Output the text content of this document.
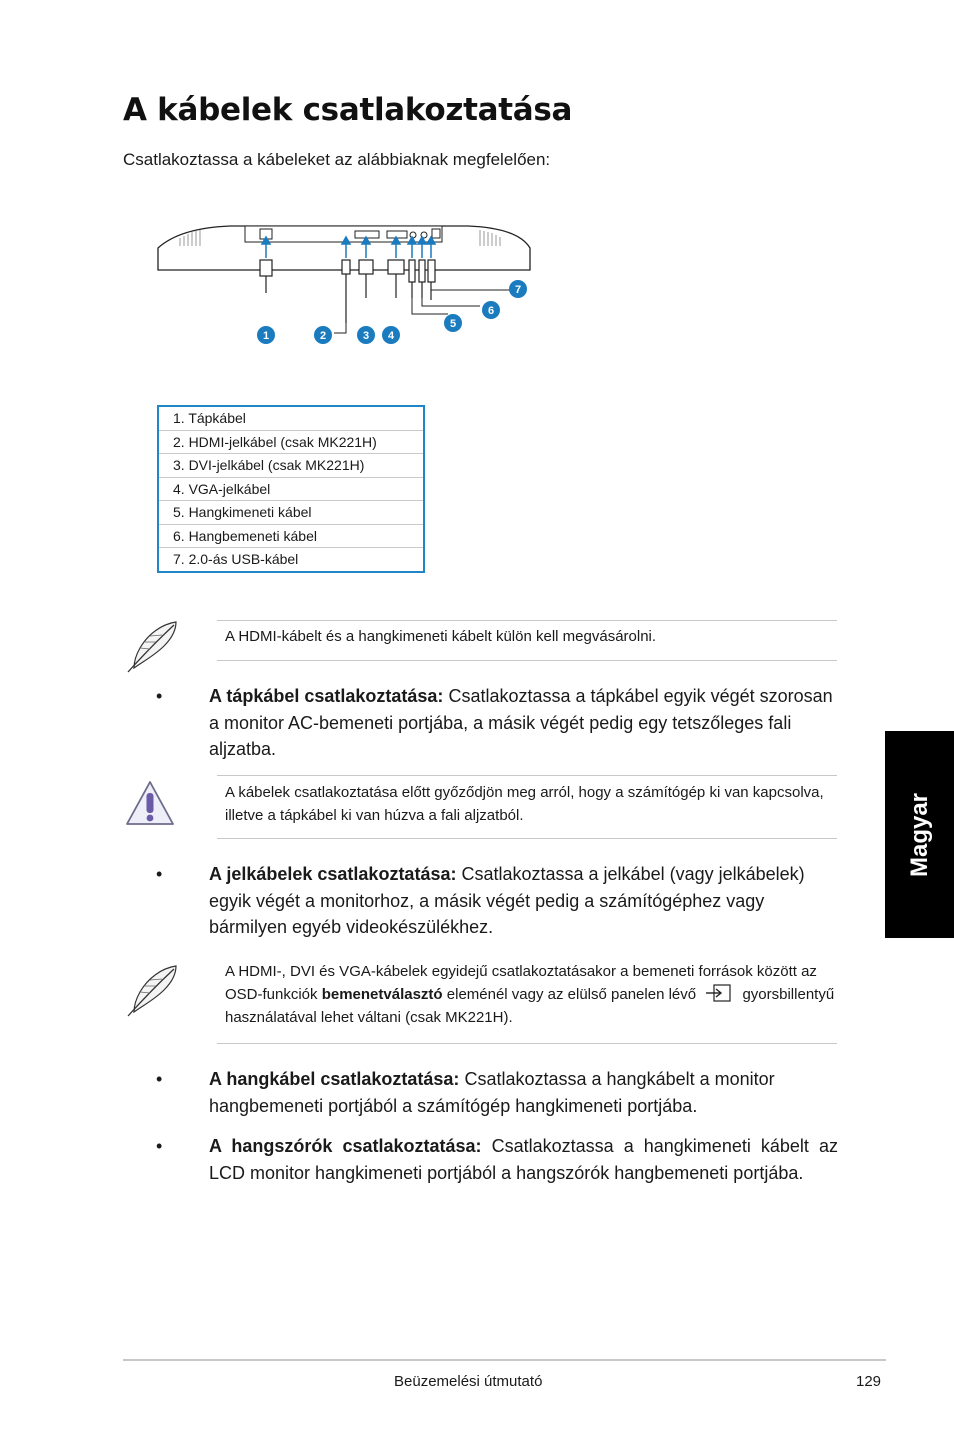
A kábelek csatlakoztatása
Csatlakoztassa a kábeleket az alábbiaknak megfelelően:
1	2	3 4
5
6
7
1. Tápkábel
2. HDMI-jelkábel (csak MK221H)
3. DVI-jelkábel (csak MK221H)
4. VGA-jelkábel
5. Hangkimeneti kábel
6. Hangbemeneti kábel
7. 2.0-ás USB-kábel
A HDMI-kábelt és a hangkimeneti kábelt külön kell megvásárolni.
•	A tápkábel csatlakoztatása: Csatlakoztassa a tápkábel egyik végét szorosan a monitor AC-bemeneti portjába, a másik végét pedig egy tetszőleges fali aljzatba.
A kábelek csatlakoztatása előtt győződjön meg arról, hogy a számítógép ki van kapcsolva, illetve a tápkábel ki van húzva a fali aljzatból.
•	A jelkábelek csatlakoztatása: Csatlakoztassa a jelkábel (vagy jelkábelek) egyik végét a monitorhoz, a másik végét pedig a számítógéphez vagy bármilyen egyéb videokészülékhez.
A HDMI-, DVI és VGA-kábelek egyidejű csatlakoztatásakor a bemeneti források között az OSD-funkciók bemenetválasztó eleménél vagy az elülső panelen lévő	gyorsbillentyű használatával lehet váltani (csak MK221H).
•	A hangkábel csatlakoztatása: Csatlakoztassa a hangkábelt a monitor hangbemeneti portjából a számítógép hangkimeneti portjába.
•	A hangszórók csatlakoztatása: Csatlakoztassa a hangkimeneti kábelt az LCD monitor hangkimeneti portjából a hangszórók hangbemeneti portjába.
Magyar
Beüzemelési útmutató	129
